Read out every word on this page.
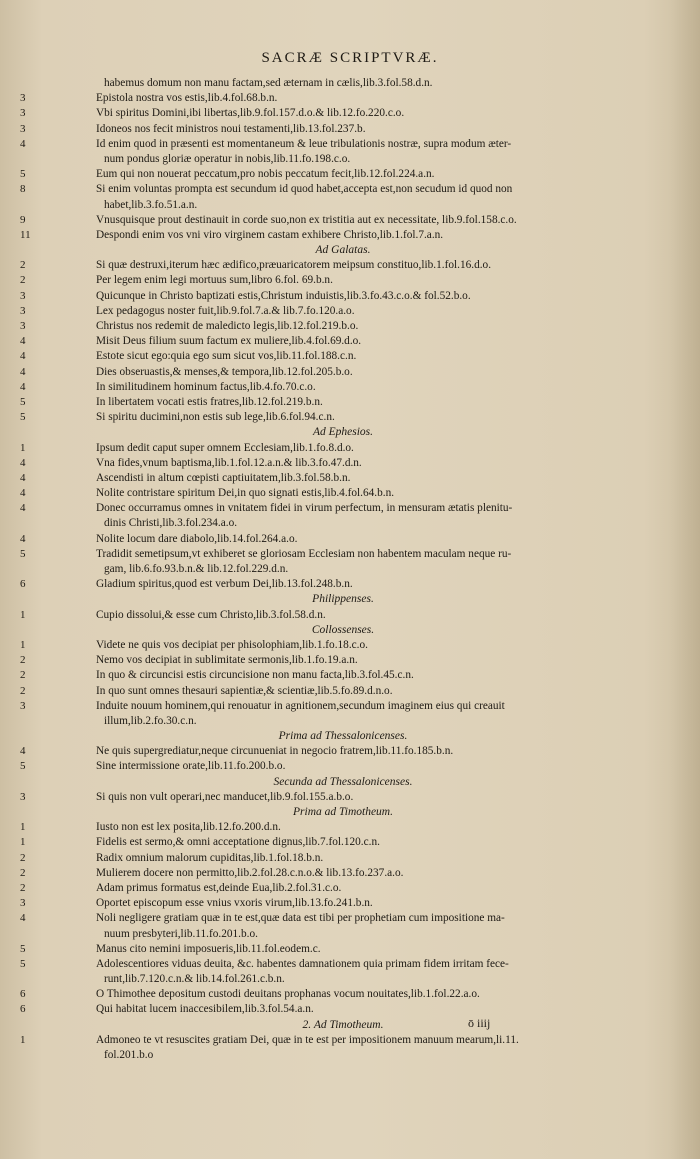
SACRÆ SCRIPTVRÆ.
habemus domum non manu factam,sed æternam in cælis,lib.3.fol.58.d.n.
3	Epistola nostra vos estis,lib.4.fol.68.b.n.
3	Vbi spiritus Domini,ibi libertas,lib.9.fol.157.d.o.& lib.12.fo.220.c.o.
3	Idoneos nos fecit ministros noui testamenti,lib.13.fol.237.b.
4	Id enim quod in præsenti est momentaneum & leue tribulationis nostræ, supra modum æter-
num pondus gloriæ operatur in nobis,lib.11.fo.198.c.o.
5	Eum qui non nouerat peccatum,pro nobis peccatum fecit,lib.12.fol.224.a.n.
8	Si enim voluntas prompta est secundum id quod habet,accepta est,non secudum id quod non
habet,lib.3.fo.51.a.n.
9	Vnusquisque prout destinauit in corde suo,non ex tristitia aut ex necessitate, lib.9.fol.158.c.o.
11	Despondi enim vos vni viro virginem castam exhibere Christo,lib.1.fol.7.a.n.
Ad Galatas.
2	Si quæ destruxi,iterum hæc ædifico,præuaricatorem meipsum constituo,lib.1.fol.16.d.o.
2	Per legem enim legi mortuus sum,libro 6.fol. 69.b.n.
3	Quicunque in Christo baptizati estis,Christum induistis,lib.3.fo.43.c.o.& fol.52.b.o.
3	Lex pedagogus noster fuit,lib.9.fol.7.a.& lib.7.fo.120.a.o.
3	Christus nos redemit de maledicto legis,lib.12.fol.219.b.o.
4	Misit Deus filium suum factum ex muliere,lib.4.fol.69.d.o.
4	Estote sicut ego:quia ego sum sicut vos,lib.11.fol.188.c.n.
4	Dies obseruastis,& menses,& tempora,lib.12.fol.205.b.o.
4	In similitudinem hominum factus,lib.4.fo.70.c.o.
5	In libertatem vocati estis fratres,lib.12.fol.219.b.n.
5	Si spiritu ducimini,non estis sub lege,lib.6.fol.94.c.n.
Ad Ephesios.
1	Ipsum dedit caput super omnem Ecclesiam,lib.1.fo.8.d.o.
4	Vna fides,vnum baptisma,lib.1.fol.12.a.n.& lib.3.fo.47.d.n.
4	Ascendisti in altum cœpisti captiuitatem,lib.3.fol.58.b.n.
4	Nolite contristare spiritum Dei,in quo signati estis,lib.4.fol.64.b.n.
4	Donec occurramus omnes in vnitatem fidei in virum perfectum, in mensuram ætatis plenitu-
dinis Christi,lib.3.fol.234.a.o.
4	Nolite locum dare diabolo,lib.14.fol.264.a.o.
5	Tradidit semetipsum,vt exhiberet se gloriosam Ecclesiam non habentem maculam neque ru-
gam, lib.6.fo.93.b.n.& lib.12.fol.229.d.n.
6	Gladium spiritus,quod est verbum Dei,lib.13.fol.248.b.n.
Philippenses.
1	Cupio dissolui,& esse cum Christo,lib.3.fol.58.d.n.
Collossenses.
1	Videte ne quis vos decipiat per phisolophiam,lib.1.fo.18.c.o.
2	Nemo vos decipiat in sublimitate sermonis,lib.1.fo.19.a.n.
2	In quo & circuncisi estis circuncisione non manu facta,lib.3.fol.45.c.n.
2	In quo sunt omnes thesauri sapientiæ,& scientiæ,lib.5.fo.89.d.n.o.
3	Induite nouum hominem,qui renouatur in agnitionem,secundum imaginem eius qui creauit
illum,lib.2.fo.30.c.n.
Prima ad Thessalonicenses.
4	Ne quis supergrediatur,neque circunueniat in negocio fratrem,lib.11.fo.185.b.n.
5	Sine intermissione orate,lib.11.fo.200.b.o.
Secunda ad Thessalonicenses.
3	Si quis non vult operari,nec manducet,lib.9.fol.155.a.b.o.
Prima ad Timotheum.
1	Iusto non est lex posita,lib.12.fo.200.d.n.
1	Fidelis est sermo,& omni acceptatione dignus,lib.7.fol.120.c.n.
2	Radix omnium malorum cupiditas,lib.1.fol.18.b.n.
2	Mulierem docere non permitto,lib.2.fol.28.c.n.o.& lib.13.fo.237.a.o.
2	Adam primus formatus est,deinde Eua,lib.2.fol.31.c.o.
3	Oportet episcopum esse vnius vxoris virum,lib.13.fo.241.b.n.
4	Noli negligere gratiam quæ in te est,quæ data est tibi per prophetiam cum impositione ma-
nuum presbyteri,lib.11.fo.201.b.o.
5	Manus cito nemini imposueris,lib.11.fol.eodem.c.
5	Adolescentiores viduas deuita, &c. habentes damnationem quia primam fidem irritam fece-
runt,lib.7.120.c.n.& lib.14.fol.261.c.b.n.
6	O Thimothee depositum custodi deuitans prophanas vocum nouitates,lib.1.fol.22.a.o.
6	Qui habitat lucem inaccesibilem,lib.3.fol.54.a.n.
2. Ad Timotheum.
1	Admoneo te vt resuscites gratiam Dei, quæ in te est per impositionem manuum mearum,li.11.
fol.201.b.o
ō iiij
